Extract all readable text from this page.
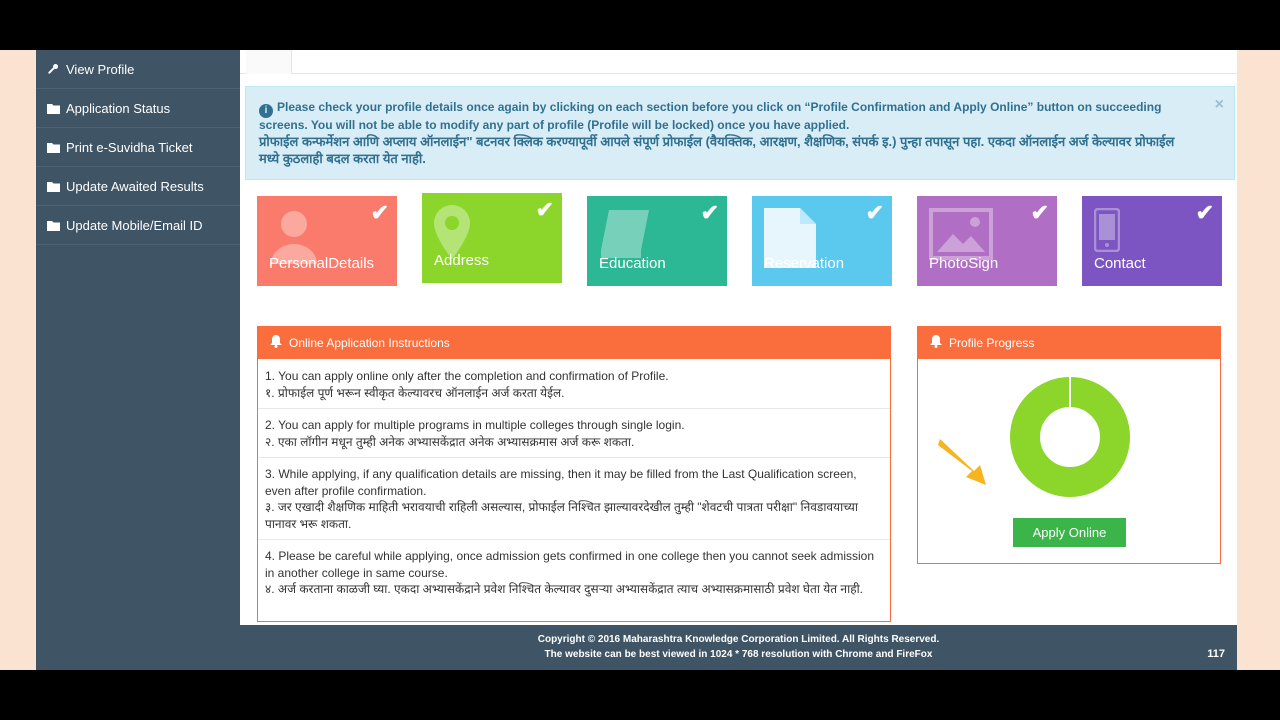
View Profile
Application Status
Print e-Suvidha Ticket
Update Awaited Results
Update Mobile/Email ID
×
i Please check your profile details once again by clicking on each section before you click on “Profile Confirmation and Apply Online” button on succeeding screens. You will not be able to modify any part of profile (Profile will be locked) once you have applied.
प्रोफाईल कन्फर्मेशन आणि अप्लाय ऑनलाईन" बटनवर क्लिक करण्यापूर्वी आपले संपूर्ण प्रोफाईल (वैयक्तिक, आरक्षण, शैक्षणिक, संपर्क इ.) पुन्हा तपासून पहा. एकदा ऑनलाईन अर्ज केल्यावर प्रोफाईल मध्ये कुठलाही बदल करता येत नाही.
✔
PersonalDetails
✔
Address
✔
Education
✔
Reservation
✔
PhotoSign
✔
Contact
Online Application Instructions
1. You can apply online only after the completion and confirmation of Profile.
१. प्रोफाईल पूर्ण भरून स्वीकृत केल्यावरच ऑनलाईन अर्ज करता येईल.
2. You can apply for multiple programs in multiple colleges through single login.
२. एका लॉगीन मधून तुम्ही अनेक अभ्यासकेंद्रात अनेक अभ्यासक्रमास अर्ज करू शकता.
3. While applying, if any qualification details are missing, then it may be filled from the Last Qualification screen, even after profile confirmation.
३. जर एखादी शैक्षणिक माहिती भरावयाची राहिली असल्यास, प्रोफाईल निश्चित झाल्यावरदेखील तुम्ही "शेवटची पात्रता परीक्षा" निवडावयाच्या पानावर भरू शकता.
4. Please be careful while applying, once admission gets confirmed in one college then you cannot seek admission in another college in same course.
४. अर्ज करताना काळजी घ्या. एकदा अभ्यासकेंद्राने प्रवेश निश्चित केल्यावर दुसऱ्या अभ्यासकेंद्रात त्याच अभ्यासक्रमासाठी प्रवेश घेता येत नाही.
Profile Progress
Apply Online
Copyright © 2016 Maharashtra Knowledge Corporation Limited. All Rights Reserved.
The website can be best viewed in 1024 * 768 resolution with Chrome and FireFox	117
